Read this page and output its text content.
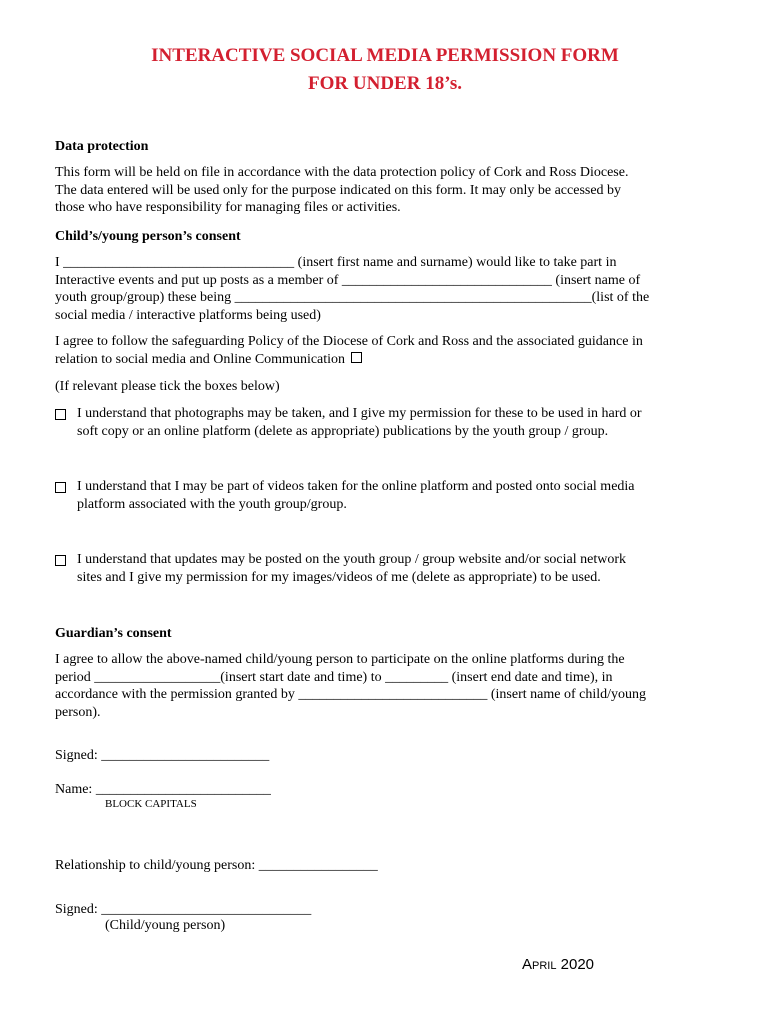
INTERACTIVE SOCIAL MEDIA PERMISSION FORM
FOR UNDER 18’s.
Data protection
This form will be held on file in accordance with the data protection policy of Cork and Ross Diocese.
The data entered will be used only for the purpose indicated on this form. It may only be accessed by
those who have responsibility for managing files or activities.
Child’s/young person’s consent
I _________________________________ (insert first name and surname) would like to take part in
Interactive events and put up posts as a member of ______________________________ (insert name of
youth group/group) these being ___________________________________________________(list of the
social media / interactive platforms being used)
I agree to follow the safeguarding Policy of the Diocese of Cork and Ross and the associated guidance in
relation to social media and Online Communication
(If relevant please tick the boxes below)
I understand that photographs may be taken, and I give my permission for these to be used in hard or
soft copy or an online platform (delete as appropriate) publications by the youth group / group.
I understand that I may be part of videos taken for the online platform and posted onto social media
platform associated with the youth group/group.
I understand that updates may be posted on the youth group / group website and/or social network
sites and I give my permission for my images/videos of me (delete as appropriate) to be used.
Guardian’s consent
I agree to allow the above-named child/young person to participate on the online platforms during the
period __________________(insert start date and time) to _________ (insert end date and time), in
accordance with the permission granted by ___________________________ (insert name of child/young
person).
Signed: ________________________
Name: _________________________
BLOCK CAPITALS
Relationship to child/young person: _________________
Signed: ______________________________
(Child/young person)
APRIL 2020
